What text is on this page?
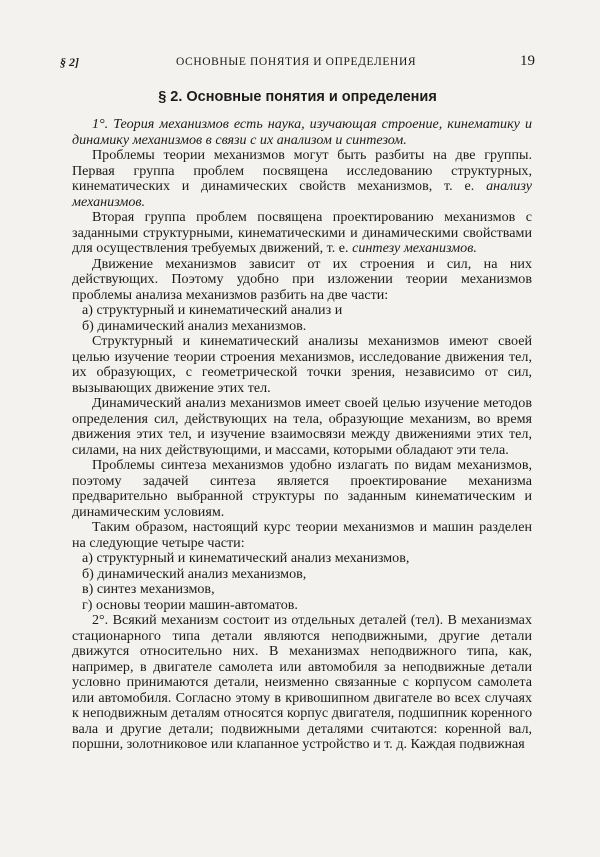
§ 2]	ОСНОВНЫЕ ПОНЯТИЯ И ОПРЕДЕЛЕНИЯ	19
§ 2. Основные понятия и определения

1°. Теория механизмов есть наука, изучающая строение, кинематику и динамику механизмов в связи с их анализом и синтезом.

Проблемы теории механизмов могут быть разбиты на две группы. Первая группа проблем посвящена исследованию структурных, кинематических и динамических свойств механизмов, т. е. анализу механизмов.

Вторая группа проблем посвящена проектированию механизмов с заданными структурными, кинематическими и динамическими свойствами для осуществления требуемых движений, т. е. синтезу механизмов.

Движение механизмов зависит от их строения и сил, на них действующих. Поэтому удобно при изложении теории механизмов проблемы анализа механизмов разбить на две части:

а) структурный и кинематический анализ и

б) динамический анализ механизмов.

Структурный и кинематический анализы механизмов имеют своей целью изучение теории строения механизмов, исследование движения тел, их образующих, с геометрической точки зрения, независимо от сил, вызывающих движение этих тел.

Динамический анализ механизмов имеет своей целью изучение методов определения сил, действующих на тела, образующие механизм, во время движения этих тел, и изучение взаимосвязи между движениями этих тел, силами, на них действующими, и массами, которыми обладают эти тела.

Проблемы синтеза механизмов удобно излагать по видам механизмов, поэтому задачей синтеза является проектирование механизма предварительно выбранной структуры по заданным кинематическим и динамическим условиям.

Таким образом, настоящий курс теории механизмов и машин разделен на следующие четыре части:

а) структурный и кинематический анализ механизмов,

б) динамический анализ механизмов,

в) синтез механизмов,

г) основы теории машин-автоматов.

2°. Всякий механизм состоит из отдельных деталей (тел). В механизмах стационарного типа детали являются неподвижными, другие детали движутся относительно них. В механизмах неподвижного типа, как, например, в двигателе самолета или автомобиля за неподвижные детали условно принимаются детали, неизменно связанные с корпусом самолета или автомобиля. Согласно этому в кривошипном двигателе во всех случаях к неподвижным деталям относятся корпус двигателя, подшипник коренного вала и другие детали; подвижными деталями считаются: коренной вал, поршни, золотниковое или клапанное устройство и т. д. Каждая подвижная
